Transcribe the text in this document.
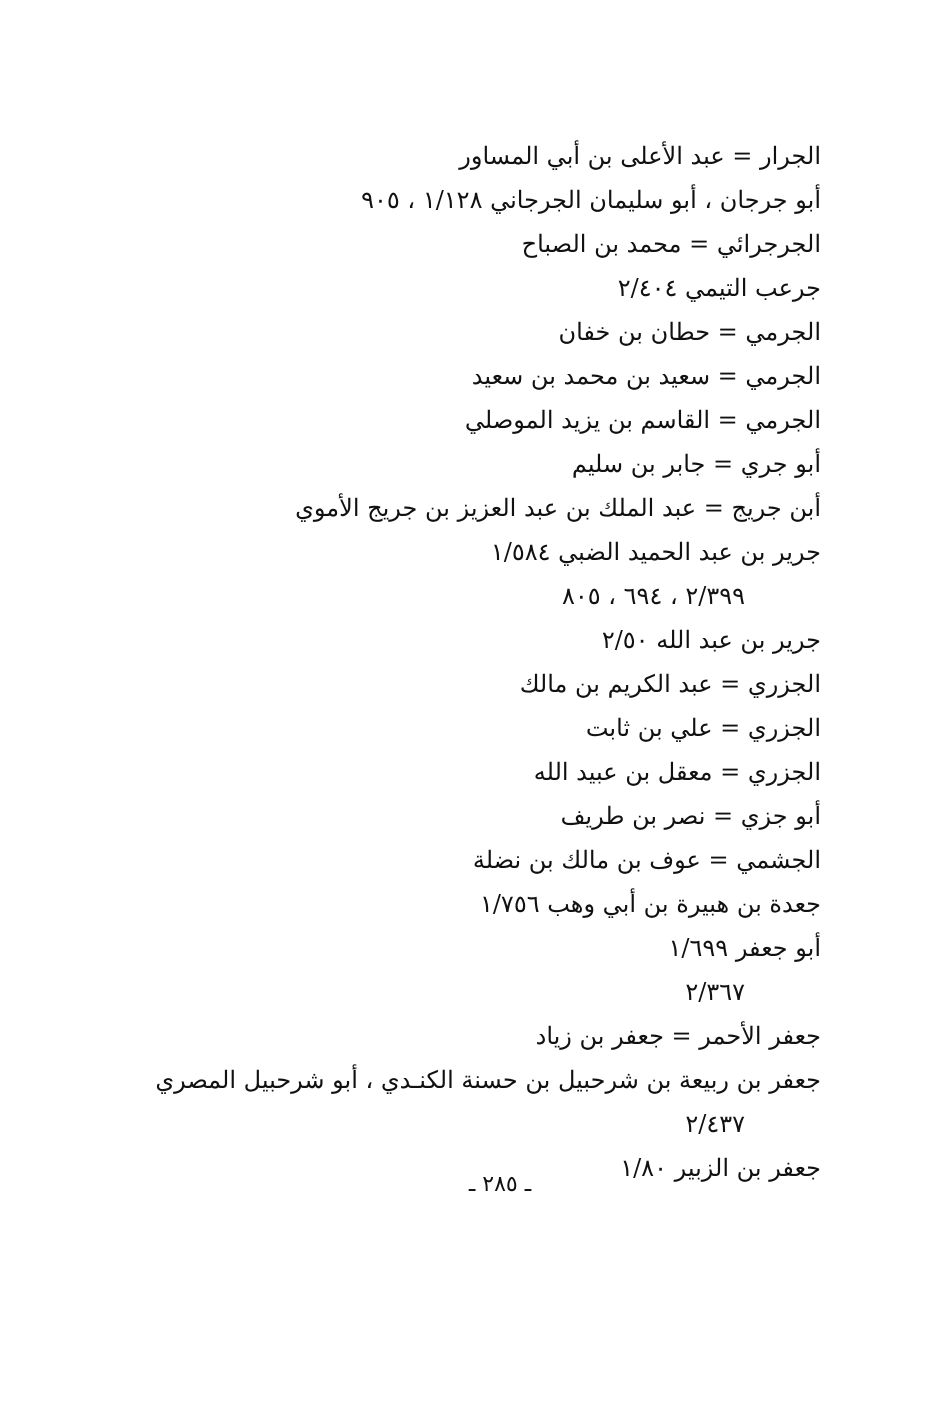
الجرار = عبد الأعلى بن أبي المساور
أبو جرجان ، أبو سليمان الجرجاني ١/١٢٨ ، ٩٠٥
الجرجرائي = محمد بن الصباح
جرعب التيمي ٢/٤٠٤
الجرمي = حطان بن خفان
الجرمي = سعيد بن محمد بن سعيد
الجرمي = القاسم بن يزيد الموصلي
أبو جري = جابر بن سليم
أبن جريج = عبد الملك بن عبد العزيز بن جريج الأموي
جرير بن عبد الحميد الضبي ١/٥٨٤
٢/٣٩٩ ، ٦٩٤ ، ٨٠٥
جرير بن عبد الله ٢/٥٠
الجزري = عبد الكريم بن مالك
الجزري = علي بن ثابت
الجزري = معقل بن عبيد الله
أبو جزي = نصر بن طريف
الجشمي = عوف بن مالك بن نضلة
جعدة بن هبيرة بن أبي وهب ١/٧٥٦
أبو جعفر ١/٦٩٩
٢/٣٦٧
جعفر الأحمر = جعفر بن زياد
جعفر بن ربيعة بن شرحبيل بن حسنة الكنـدي ، أبو شرحبيل المصري
٢/٤٣٧
جعفر بن الزبير ١/٨٠
ـ ٢٨٥ ـ
